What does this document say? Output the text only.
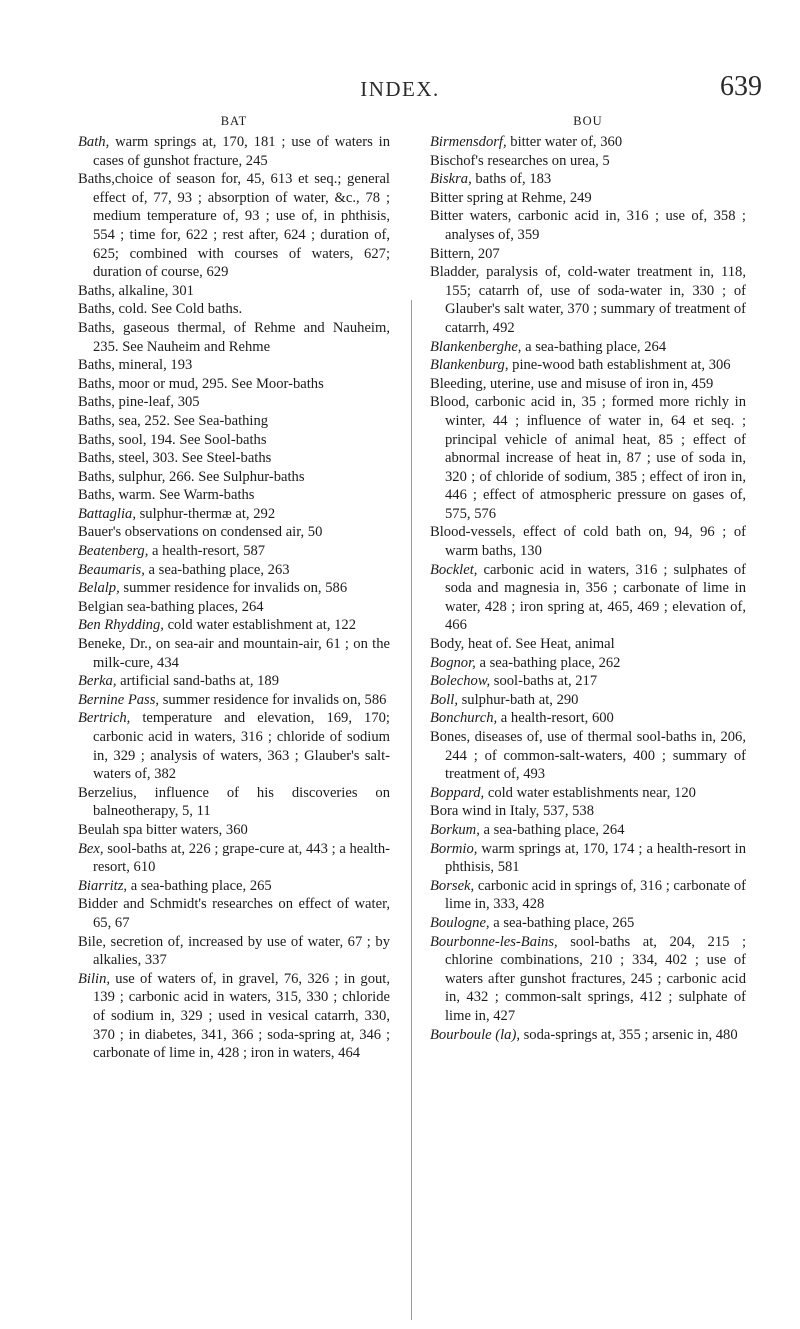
INDEX.	639
BAT

Bath, warm springs at, 170, 181 ; use of waters in cases of gunshot fracture, 245

Baths,choice of season for, 45, 613 et seq.; general effect of, 77, 93 ; absorption of water, &c., 78 ; medium temperature of, 93 ; use of, in phthisis, 554 ; time for, 622 ; rest after, 624 ; duration of, 625; combined with courses of waters, 627; duration of course, 629

Baths, alkaline, 301

Baths, cold. See Cold baths.

Baths, gaseous thermal, of Rehme and Nauheim, 235. See Nauheim and Rehme

Baths, mineral, 193

Baths, moor or mud, 295. See Moor-baths

Baths, pine-leaf, 305

Baths, sea, 252. See Sea-bathing

Baths, sool, 194. See Sool-baths

Baths, steel, 303. See Steel-baths

Baths, sulphur, 266. See Sulphur-baths

Baths, warm. See Warm-baths

Battaglia, sulphur-thermæ at, 292

Bauer's observations on condensed air, 50

Beatenberg, a health-resort, 587

Beaumaris, a sea-bathing place, 263

Belalp, summer residence for invalids on, 586

Belgian sea-bathing places, 264

Ben Rhydding, cold water establishment at, 122

Beneke, Dr., on sea-air and mountain-air, 61 ; on the milk-cure, 434

Berka, artificial sand-baths at, 189

Bernine Pass, summer residence for invalids on, 586

Bertrich, temperature and elevation, 169, 170; carbonic acid in waters, 316 ; chloride of sodium in, 329 ; analysis of waters, 363 ; Glauber's salt-waters of, 382

Berzelius, influence of his discoveries on balneotherapy, 5, 11

Beulah spa bitter waters, 360

Bex, sool-baths at, 226 ; grape-cure at, 443 ; a health-resort, 610

Biarritz, a sea-bathing place, 265

Bidder and Schmidt's researches on effect of water, 65, 67

Bile, secretion of, increased by use of water, 67 ; by alkalies, 337

Bilin, use of waters of, in gravel, 76, 326 ; in gout, 139 ; carbonic acid in waters, 315, 330 ; chloride of sodium in, 329 ; used in vesical catarrh, 330, 370 ; in diabetes, 341, 366 ; soda-spring at, 346 ; carbonate of lime in, 428 ; iron in waters, 464

BOU

Birmensdorf, bitter water of, 360

Bischof's researches on urea, 5

Biskra, baths of, 183

Bitter spring at Rehme, 249

Bitter waters, carbonic acid in, 316 ; use of, 358 ; analyses of, 359

Bittern, 207

Bladder, paralysis of, cold-water treatment in, 118, 155; catarrh of, use of soda-water in, 330 ; of Glauber's salt water, 370 ; summary of treatment of catarrh, 492

Blankenberghe, a sea-bathing place, 264

Blankenburg, pine-wood bath establishment at, 306

Bleeding, uterine, use and misuse of iron in, 459

Blood, carbonic acid in, 35 ; formed more richly in winter, 44 ; influence of water in, 64 et seq. ; principal vehicle of animal heat, 85 ; effect of abnormal increase of heat in, 87 ; use of soda in, 320 ; of chloride of sodium, 385 ; effect of iron in, 446 ; effect of atmospheric pressure on gases of, 575, 576

Blood-vessels, effect of cold bath on, 94, 96 ; of warm baths, 130

Bocklet, carbonic acid in waters, 316 ; sulphates of soda and magnesia in, 356 ; carbonate of lime in water, 428 ; iron spring at, 465, 469 ; elevation of, 466

Body, heat of. See Heat, animal

Bognor, a sea-bathing place, 262

Bolechow, sool-baths at, 217

Boll, sulphur-bath at, 290

Bonchurch, a health-resort, 600

Bones, diseases of, use of thermal sool-baths in, 206, 244 ; of common-salt-waters, 400 ; summary of treatment of, 493

Boppard, cold water establishments near, 120

Bora wind in Italy, 537, 538

Borkum, a sea-bathing place, 264

Bormio, warm springs at, 170, 174 ; a health-resort in phthisis, 581

Borsek, carbonic acid in springs of, 316 ; carbonate of lime in, 333, 428

Boulogne, a sea-bathing place, 265

Bourbonne-les-Bains, sool-baths at, 204, 215 ; chlorine combinations, 210 ; 334, 402 ; use of waters after gunshot fractures, 245 ; carbonic acid in, 432 ; common-salt springs, 412 ; sulphate of lime in, 427

Bourboule (la), soda-springs at, 355 ; arsenic in, 480
